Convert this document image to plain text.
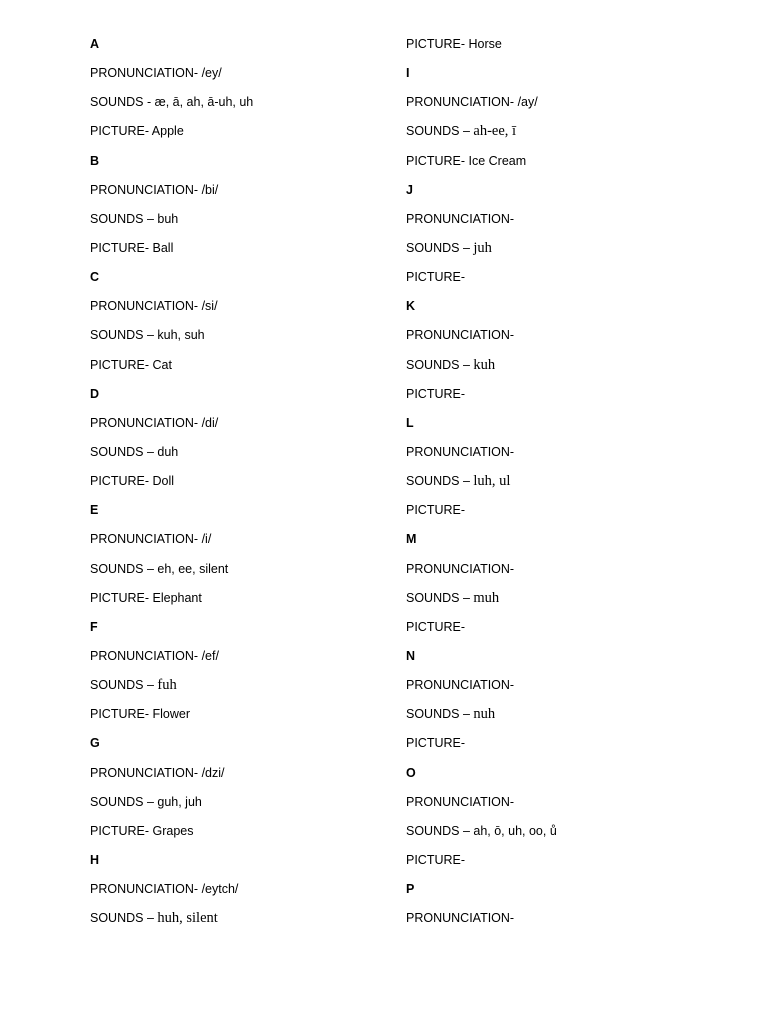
A
PRONUNCIATION- /ey/
SOUNDS - æ, ā, ah, ā-uh, uh
PICTURE- Apple
B
PRONUNCIATION- /bi/
SOUNDS – buh
PICTURE- Ball
C
PRONUNCIATION- /si/
SOUNDS – kuh, suh
PICTURE- Cat
D
PRONUNCIATION- /di/
SOUNDS – duh
PICTURE- Doll
E
PRONUNCIATION- /i/
SOUNDS – eh, ee, silent
PICTURE- Elephant
F
PRONUNCIATION- /ef/
SOUNDS – fuh
PICTURE- Flower
G
PRONUNCIATION- /dzi/
SOUNDS – guh, juh
PICTURE- Grapes
H
PRONUNCIATION- /eytch/
SOUNDS – huh, silent
PICTURE- Horse
I
PRONUNCIATION- /ay/
SOUNDS – ah-ee, ī
PICTURE- Ice Cream
J
PRONUNCIATION-
SOUNDS – juh
PICTURE-
K
PRONUNCIATION-
SOUNDS – kuh
PICTURE-
L
PRONUNCIATION-
SOUNDS – luh, ul
PICTURE-
M
PRONUNCIATION-
SOUNDS – muh
PICTURE-
N
PRONUNCIATION-
SOUNDS – nuh
PICTURE-
O
PRONUNCIATION-
SOUNDS – ah, ō, uh, oo, ů
PICTURE-
P
PRONUNCIATION-
